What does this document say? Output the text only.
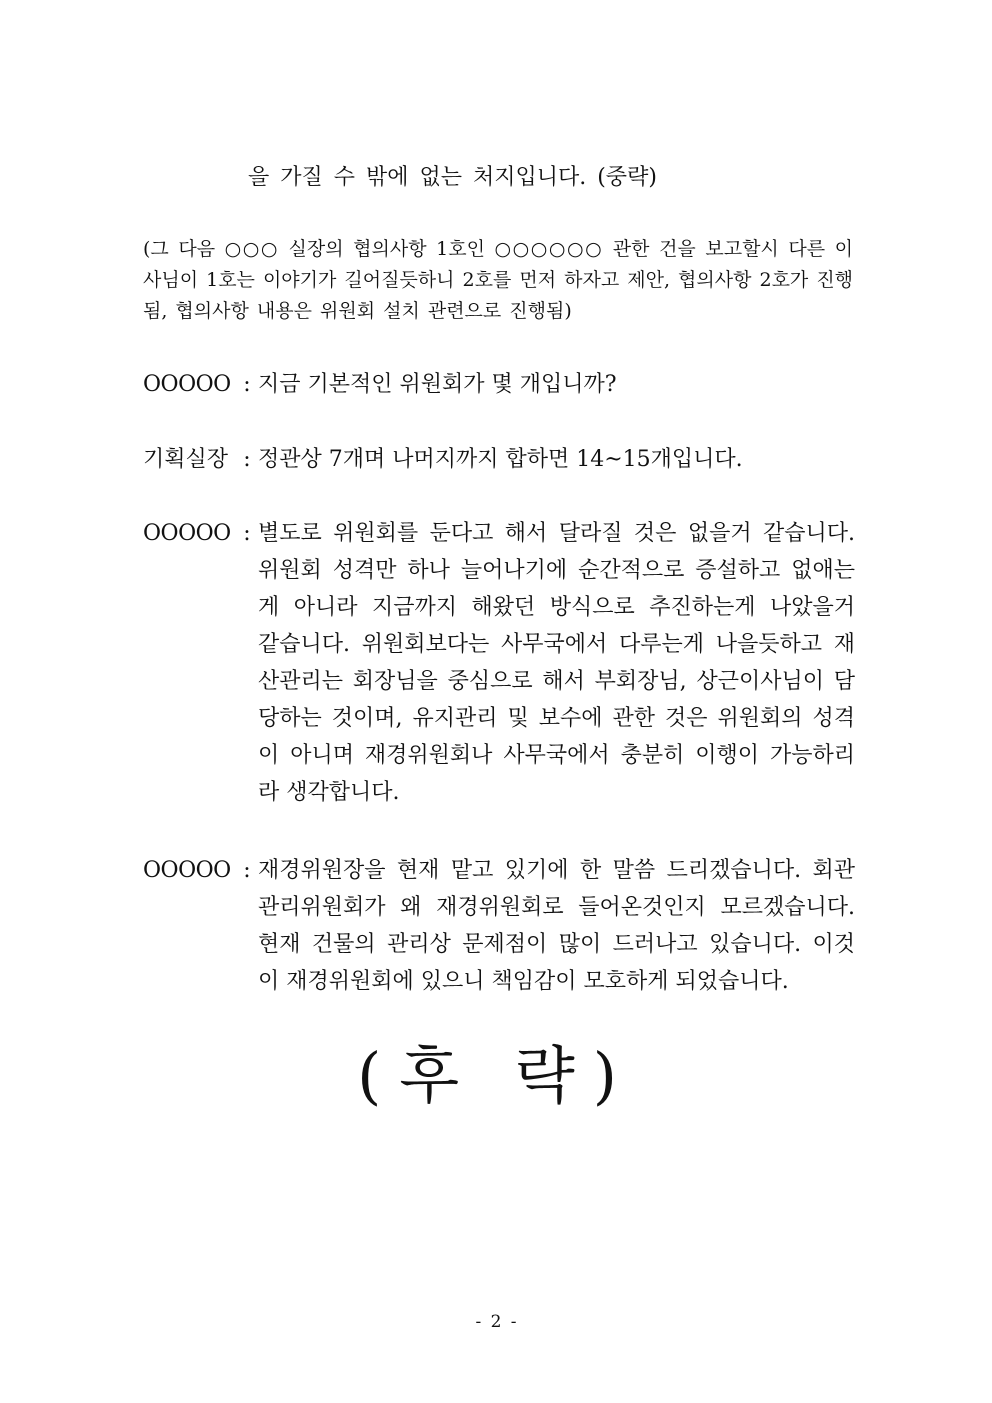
을 가질 수 밖에 없는 처지입니다. (중략)
(그 다음 ○○○ 실장의 협의사항 1호인 ○○○○○○ 관한 건을 보고할시 다른 이
사님이 1호는 이야기가 길어질듯하니 2호를 먼저 하자고 제안, 협의사항 2호가 진행
됨, 협의사항 내용은 위원회 설치 관련으로 진행됨)
OOOOO : 지금 기본적인 위원회가 몇 개입니까?
기획실장 : 정관상 7개며 나머지까지 합하면 14~15개입니다.
OOOOO : 별도로 위원회를 둔다고 해서 달라질 것은 없을거 같습니다.
위원회 성격만 하나 늘어나기에 순간적으로 증설하고 없애는
게 아니라 지금까지 해왔던 방식으로 추진하는게 나았을거
같습니다. 위원회보다는 사무국에서 다루는게 나을듯하고 재
산관리는 회장님을 중심으로 해서 부회장님, 상근이사님이 담
당하는 것이며, 유지관리 및 보수에 관한 것은 위원회의 성격
이 아니며 재경위원회나 사무국에서 충분히 이행이 가능하리
라 생각합니다.
OOOOO : 재경위원장을 현재 맡고 있기에 한 말씀 드리겠습니다. 회관
관리위원회가 왜 재경위원회로 들어온것인지 모르겠습니다.
현재 건물의 관리상 문제점이 많이 드러나고 있습니다. 이것
이 재경위원회에 있으니 책임감이 모호하게 되었습니다.
(후 략)
- 2 -
